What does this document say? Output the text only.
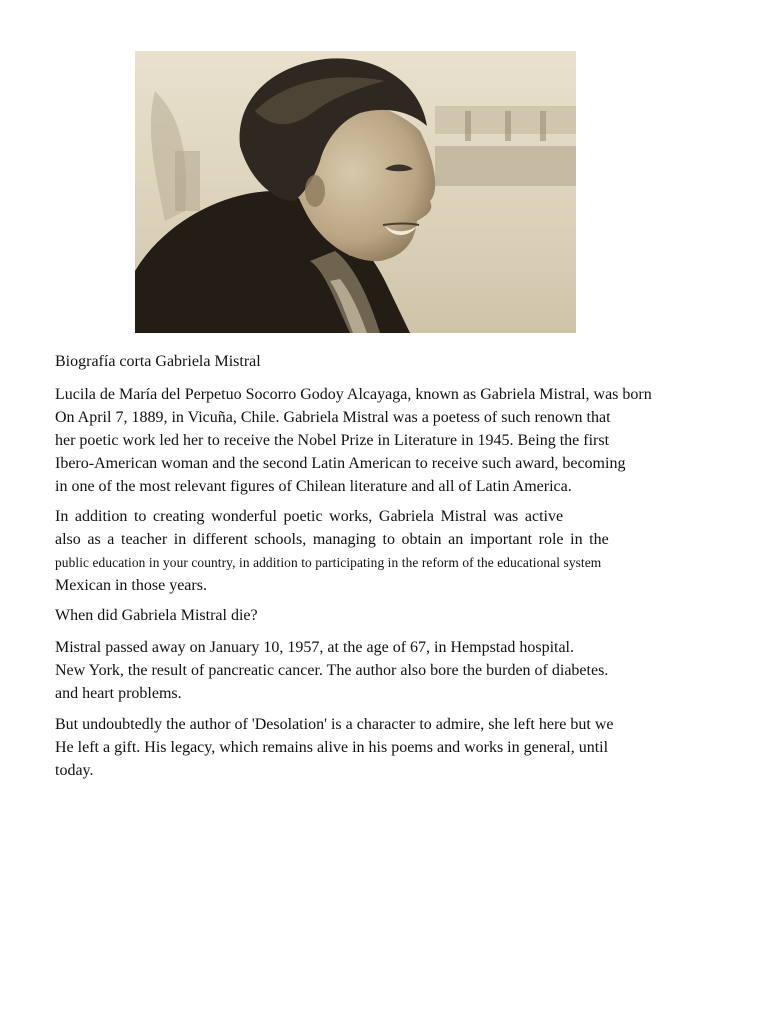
Biografía corta Gabriela Mistral

Lucila de María del Perpetuo Socorro Godoy Alcayaga, known as Gabriela Mistral, was born
On April 7, 1889, in Vicuña, Chile. Gabriela Mistral was a poetess of such renown that
her poetic work led her to receive the Nobel Prize in Literature in 1945. Being the first
Ibero-American woman and the second Latin American to receive such award, becoming
in one of the most relevant figures of Chilean literature and all of Latin America.

In addition to creating wonderful poetic works, Gabriela Mistral was active
also as a teacher in different schools, managing to obtain an important role in the
public education in your country, in addition to participating in the reform of the educational system
Mexican in those years.

When did Gabriela Mistral die?

Mistral passed away on January 10, 1957, at the age of 67, in Hempstad hospital.
New York, the result of pancreatic cancer. The author also bore the burden of diabetes.
and heart problems.

But undoubtedly the author of 'Desolation' is a character to admire, she left here but we
He left a gift. His legacy, which remains alive in his poems and works in general, until
today.
